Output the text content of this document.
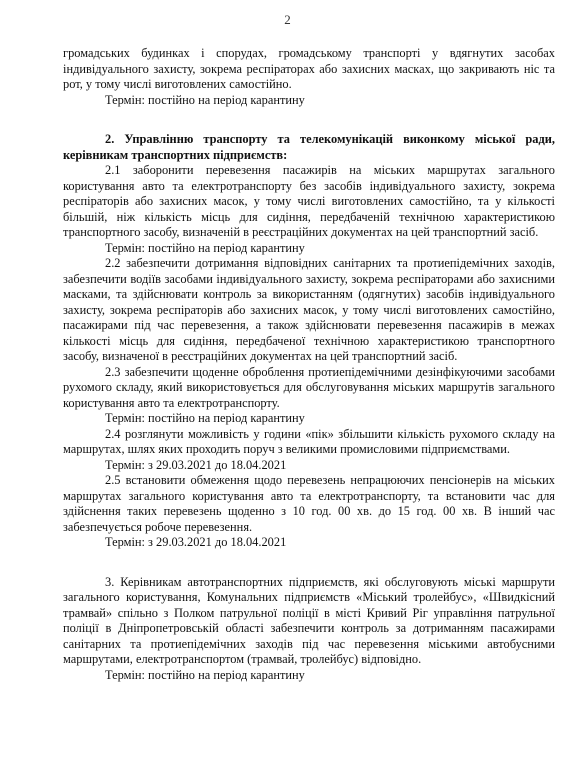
2

громадських будинках і спорудах, громадському транспорті у вдягнутих засобах індивідуального захисту, зокрема респіраторах або захисних масках, що закривають ніс та рот, у тому числі виготовлених самостійно.

Термін: постійно на період карантину

2. Управлінню транспорту та телекомунікацій виконкому міської ради, керівникам транспортних підприємств:

2.1 заборонити перевезення пасажирів на міських маршрутах загального користування авто та електротранспорту без засобів індивідуального захисту, зокрема респіраторів або захисних масок, у тому числі виготовлених самостійно, та у кількості більшій, ніж кількість місць для сидіння, передбаченій технічною характеристикою транспортного засобу, визначеній в реєстраційних документах на цей транспортний засіб.

Термін: постійно на період карантину

2.2 забезпечити дотримання відповідних санітарних та протиепідемічних заходів, забезпечити водіїв засобами індивідуального захисту, зокрема респіраторами або захисними масками, та здійснювати контроль за використанням (одягнутих) засобів індивідуального захисту, зокрема респіраторів або захисних масок, у тому числі виготовлених самостійно, пасажирами під час перевезення, а також здійснювати перевезення пасажирів в межах кількості місць для сидіння, передбаченої технічною характеристикою транспортного засобу, визначеної в реєстраційних документах на цей транспортний засіб.

2.3 забезпечити щоденне оброблення протиепідемічними дезінфікуючими засобами рухомого складу, який використовується для обслуговування міських маршрутів загального користування авто та електротранспорту.

Термін: постійно на період карантину

2.4 розглянути можливість у години «пік» збільшити кількість рухомого складу на маршрутах, шлях яких проходить поруч з великими промисловими підприємствами.

Термін: з 29.03.2021 до 18.04.2021

2.5 встановити обмеження щодо перевезень непрацюючих пенсіонерів на міських маршрутах загального користування авто та електротранспорту, та встановити час для здійснення таких перевезень щоденно з 10 год. 00 хв. до 15 год. 00 хв. В інший час забезпечується робоче перевезення.

Термін: з 29.03.2021 до 18.04.2021

3. Керівникам автотранспортних підприємств, які обслуговують міські маршрути загального користування, Комунальних підприємств «Міський тролейбус», «Швидкісний трамвай» спільно з Полком патрульної поліції в місті Кривий Ріг управління патрульної поліції в Дніпропетровській області забезпечити контроль за дотриманням пасажирами санітарних та протиепідемічних заходів під час перевезення міськими автобусними маршрутами, електротранспортом (трамвай, тролейбус) відповідно.

Термін: постійно на період карантину
